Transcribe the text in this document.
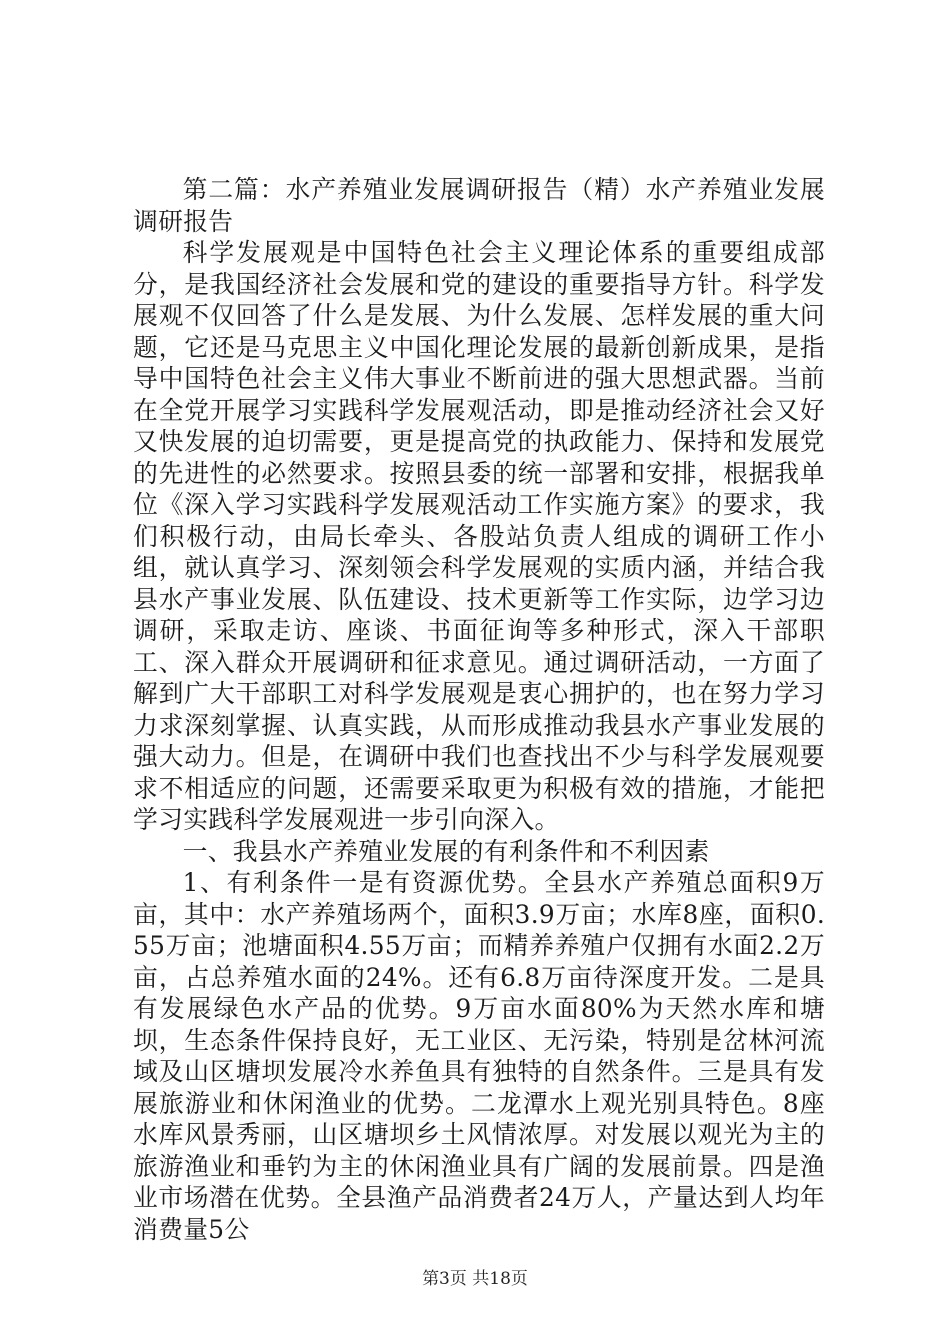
第二篇：水产养殖业发展调研报告（精）水产养殖业发展调研报告

科学发展观是中国特色社会主义理论体系的重要组成部分，是我国经济社会发展和党的建设的重要指导方针。科学发展观不仅回答了什么是发展、为什么发展、怎样发展的重大问题，它还是马克思主义中国化理论发展的最新创新成果，是指导中国特色社会主义伟大事业不断前进的强大思想武器。当前在全党开展学习实践科学发展观活动，即是推动经济社会又好又快发展的迫切需要，更是提高党的执政能力、保持和发展党的先进性的必然要求。按照县委的统一部署和安排，根据我单位《深入学习实践科学发展观活动工作实施方案》的要求，我们积极行动，由局长牵头、各股站负责人组成的调研工作小组，就认真学习、深刻领会科学发展观的实质内涵，并结合我县水产事业发展、队伍建设、技术更新等工作实际，边学习边调研，采取走访、座谈、书面征询等多种形式，深入干部职工、深入群众开展调研和征求意见。通过调研活动，一方面了解到广大干部职工对科学发展观是衷心拥护的，也在努力学习力求深刻掌握、认真实践，从而形成推动我县水产事业发展的强大动力。但是，在调研中我们也查找出不少与科学发展观要求不相适应的问题，还需要采取更为积极有效的措施，才能把学习实践科学发展观进一步引向深入。

一、我县水产养殖业发展的有利条件和不利因素

1、有利条件一是有资源优势。全县水产养殖总面积9万亩，其中：水产养殖场两个，面积3.9万亩；水库8座，面积0.55万亩；池塘面积4.55万亩；而精养养殖户仅拥有水面2.2万亩，占总养殖水面的24%。还有6.8万亩待深度开发。二是具有发展绿色水产品的优势。9万亩水面80%为天然水库和塘坝，生态条件保持良好，无工业区、无污染，特别是岔林河流域及山区塘坝发展冷水养鱼具有独特的自然条件。三是具有发展旅游业和休闲渔业的优势。二龙潭水上观光别具特色。8座水库风景秀丽，山区塘坝乡土风情浓厚。对发展以观光为主的旅游渔业和垂钓为主的休闲渔业具有广阔的发展前景。四是渔业市场潜在优势。全县渔产品消费者24万人，产量达到人均年消费量5公

第3页 共18页
